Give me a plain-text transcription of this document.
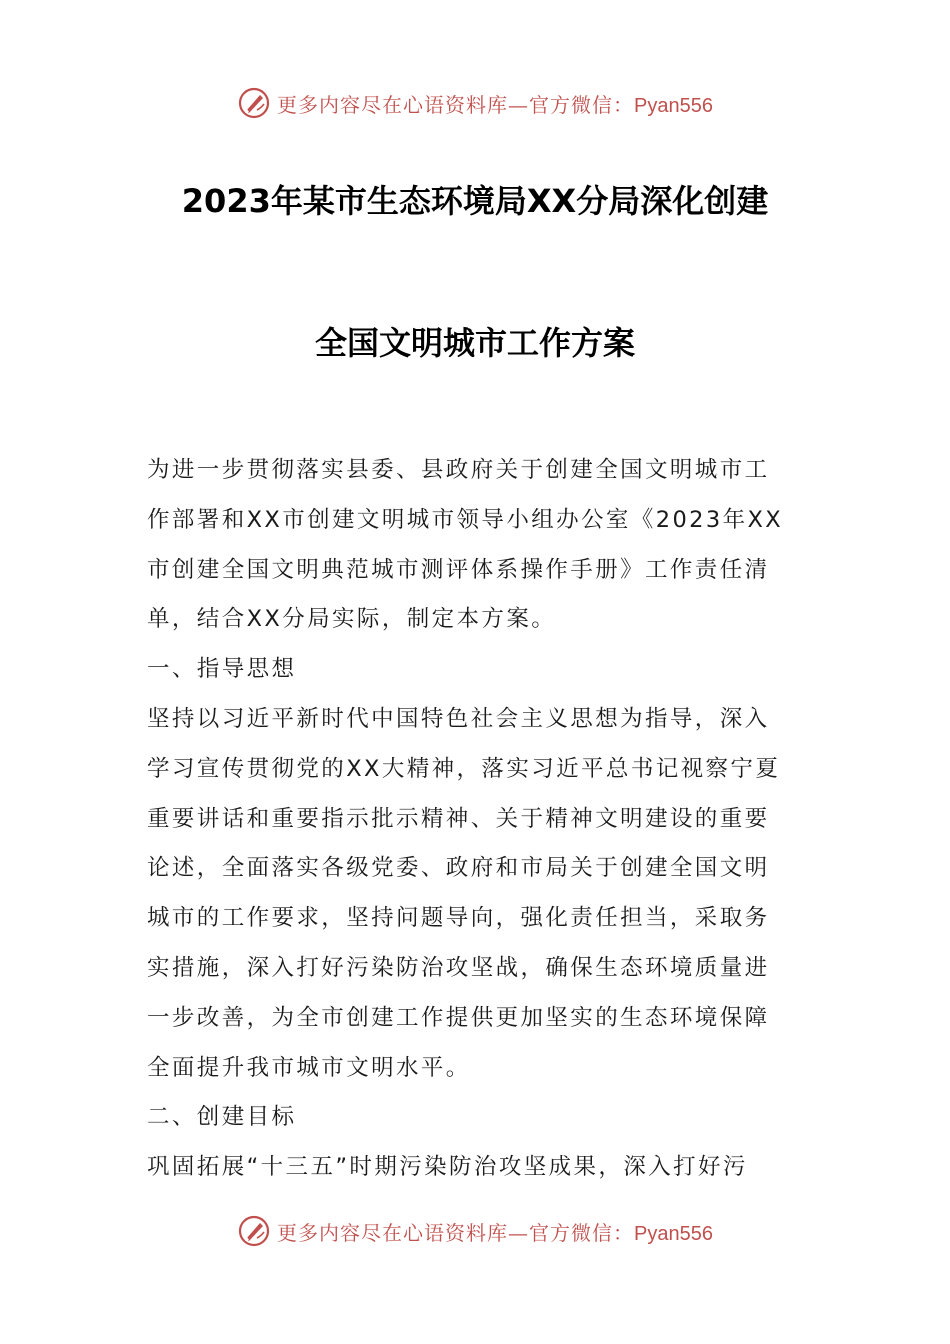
更多内容尽在心语资料库—官方微信：Pyan556
2023年某市生态环境局XX分局深化创建
全国文明城市工作方案
为进一步贯彻落实县委、县政府关于创建全国文明城市工
作部署和XX市创建文明城市领导小组办公室《2023年XX
市创建全国文明典范城市测评体系操作手册》工作责任清
单，结合XX分局实际，制定本方案。
一、指导思想
坚持以习近平新时代中国特色社会主义思想为指导，深入
学习宣传贯彻党的XX大精神，落实习近平总书记视察宁夏
重要讲话和重要指示批示精神、关于精神文明建设的重要
论述，全面落实各级党委、政府和市局关于创建全国文明
城市的工作要求，坚持问题导向，强化责任担当，采取务
实措施，深入打好污染防治攻坚战，确保生态环境质量进
一步改善，为全市创建工作提供更加坚实的生态环境保障
全面提升我市城市文明水平。
二、创建目标
巩固拓展“十三五”时期污染防治攻坚成果，深入打好污
更多内容尽在心语资料库—官方微信：Pyan556
